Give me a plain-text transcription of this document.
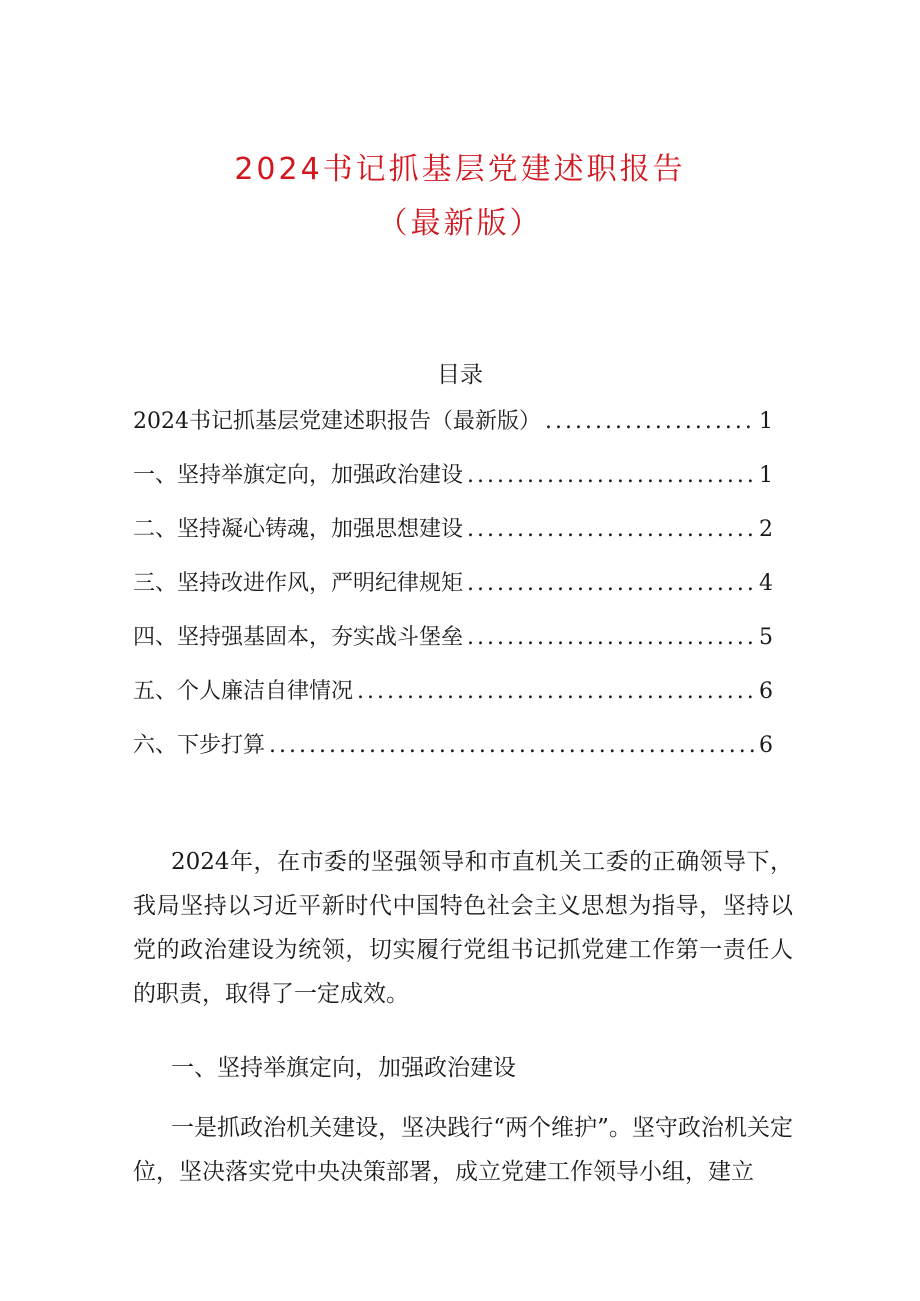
2024书记抓基层党建述职报告
（最新版）
目录
2024书记抓基层党建述职报告（最新版） .....	1
一、坚持举旗定向，加强政治建设 .....	1
二、坚持凝心铸魂，加强思想建设 .....	2
三、坚持改进作风，严明纪律规矩 .....	4
四、坚持强基固本，夯实战斗堡垒 .....	5
五、个人廉洁自律情况 .....	6
六、下步打算 .....	6

2024年，在市委的坚强领导和市直机关工委的正确领导下，我局坚持以习近平新时代中国特色社会主义思想为指导，坚持以党的政治建设为统领，切实履行党组书记抓党建工作第一责任人的职责，取得了一定成效。

一、坚持举旗定向，加强政治建设

一是抓政治机关建设，坚决践行“两个维护”。坚守政治机关定位，坚决落实党中央决策部署，成立党建工作领导小组，建立
